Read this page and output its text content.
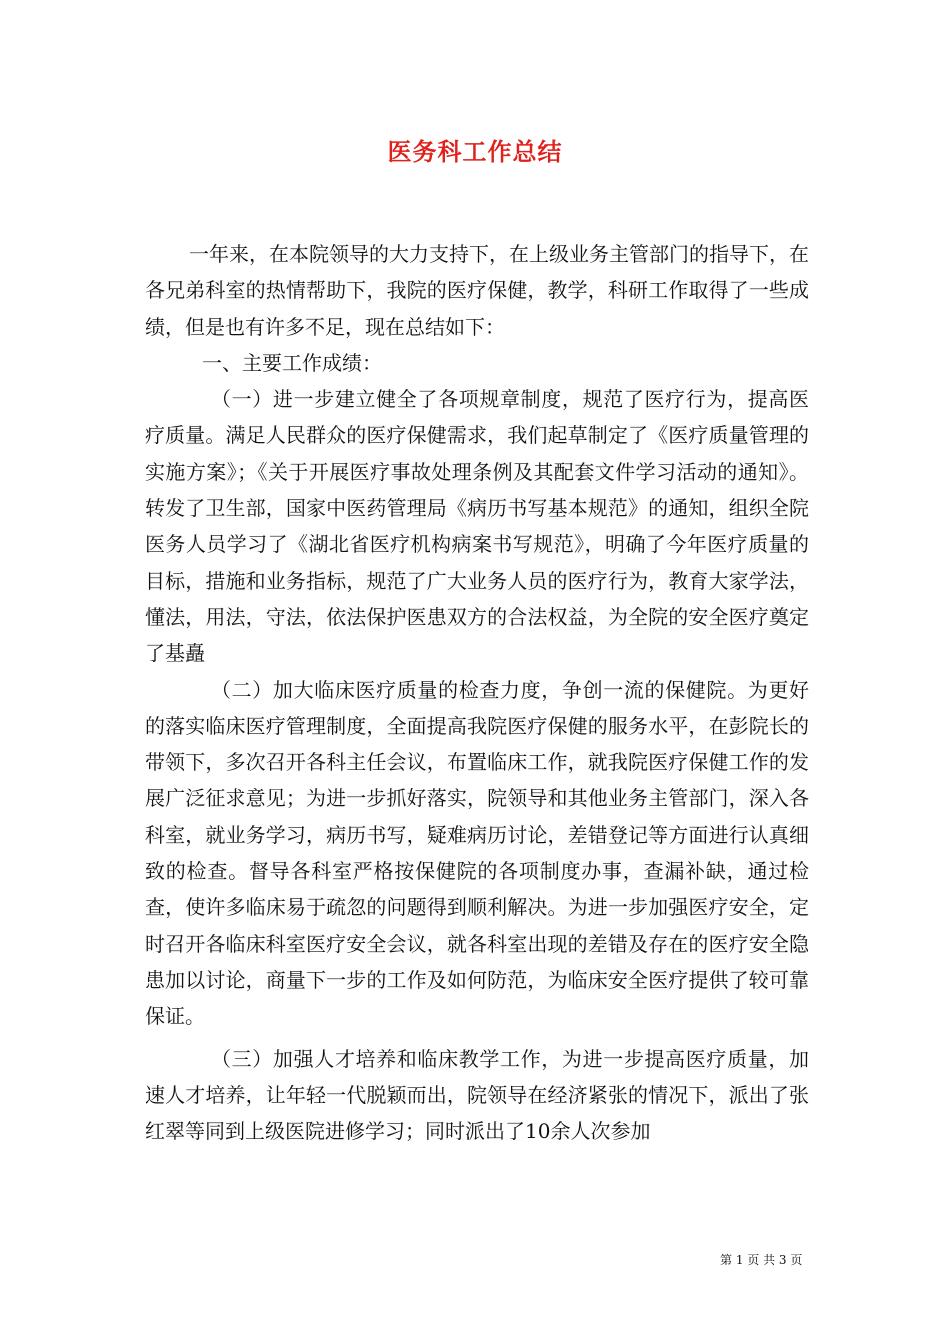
医务科工作总结

一年来，在本院领导的大力支持下，在上级业务主管部门的指导下，在各兄弟科室的热情帮助下，我院的医疗保健，教学，科研工作取得了一些成绩，但是也有许多不足，现在总结如下：

一、主要工作成绩：

（一）进一步建立健全了各项规章制度，规范了医疗行为，提高医疗质量。满足人民群众的医疗保健需求，我们起草制定了《医疗质量管理的实施方案》；《关于开展医疗事故处理条例及其配套文件学习活动的通知》。转发了卫生部，国家中医药管理局《病历书写基本规范》的通知，组织全院医务人员学习了《湖北省医疗机构病案书写规范》，明确了今年医疗质量的目标，措施和业务指标，规范了广大业务人员的医疗行为，教育大家学法，懂法，用法，守法，依法保护医患双方的合法权益，为全院的安全医疗奠定了基矗

（二）加大临床医疗质量的检查力度，争创一流的保健院。为更好的落实临床医疗管理制度，全面提高我院医疗保健的服务水平，在彭院长的带领下，多次召开各科主任会议，布置临床工作，就我院医疗保健工作的发展广泛征求意见；为进一步抓好落实，院领导和其他业务主管部门，深入各科室，就业务学习，病历书写，疑难病历讨论，差错登记等方面进行认真细致的检查。督导各科室严格按保健院的各项制度办事，查漏补缺，通过检查，使许多临床易于疏忽的问题得到顺利解决。为进一步加强医疗安全，定时召开各临床科室医疗安全会议，就各科室出现的差错及存在的医疗安全隐患加以讨论，商量下一步的工作及如何防范，为临床安全医疗提供了较可靠保证。

（三）加强人才培养和临床教学工作，为进一步提高医疗质量，加速人才培养，让年轻一代脱颖而出，院领导在经济紧张的情况下，派出了张红翠等同到上级医院进修学习；同时派出了10余人次参加

第 1 页 共 3 页
